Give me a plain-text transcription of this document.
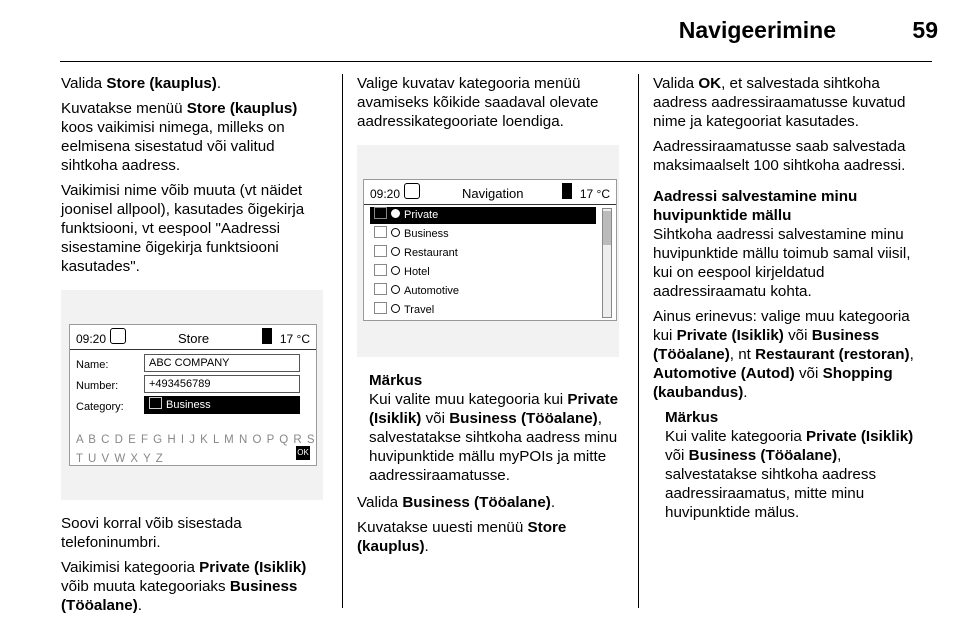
Navigeerimine	59

Valida Store (kauplus).

Kuvatakse menüü Store (kauplus) koos vaikimisi nimega, milleks on eelmisena sisestatud või valitud sihtkoha aadress.

Vaikimisi nime võib muuta (vt näidet joonisel allpool), kasutades õigekirja funktsiooni, vt eespool "Aadressi sisestamine õigekirja funktsiooni kasutades".

09:20	Store	17 °C
Name:	ABC COMPANY
Number:	+493456789
Category:	Business
A B C D E F G H I J K L M N O P Q R S T U V W X Y Z
OK

Soovi korral võib sisestada telefoninumbri.

Vaikimisi kategooria Private (Isiklik) võib muuta kategooriaks Business (Tööalane).

Valige kuvatav kategooria menüü avamiseks kõikide saadaval olevate aadressikategooriate loendiga.

09:20	Navigation	17 °C
Private
Business
Restaurant
Hotel
Automotive
Travel
Märkus
Kui valite muu kategooria kui Private (Isiklik) või Business (Tööalane), salvestatakse sihtkoha aadress minu huvipunktide mällu myPOIs ja mitte aadressiraamatusse.

Valida Business (Tööalane).

Kuvatakse uuesti menüü Store (kauplus).

Valida OK, et salvestada sihtkoha aadress aadressiraamatusse kuvatud nime ja kategooriat kasutades.

Aadressiraamatusse saab salvestada maksimaalselt 100 sihtkoha aadressi.

Aadressi salvestamine minu huvipunktide mällu

Sihtkoha aadressi salvestamine minu huvipunktide mällu toimub samal viisil, kui on eespool kirjeldatud aadressiraamatu kohta.

Ainus erinevus: valige muu kategooria kui Private (Isiklik) või Business (Tööalane), nt Restaurant (restoran), Automotive (Autod) või Shopping (kaubandus).

Märkus
Kui valite kategooria Private (Isiklik) või Business (Tööalane), salvestatakse sihtkoha aadress aadressiraamatus, mitte minu huvipunktide mälus.
